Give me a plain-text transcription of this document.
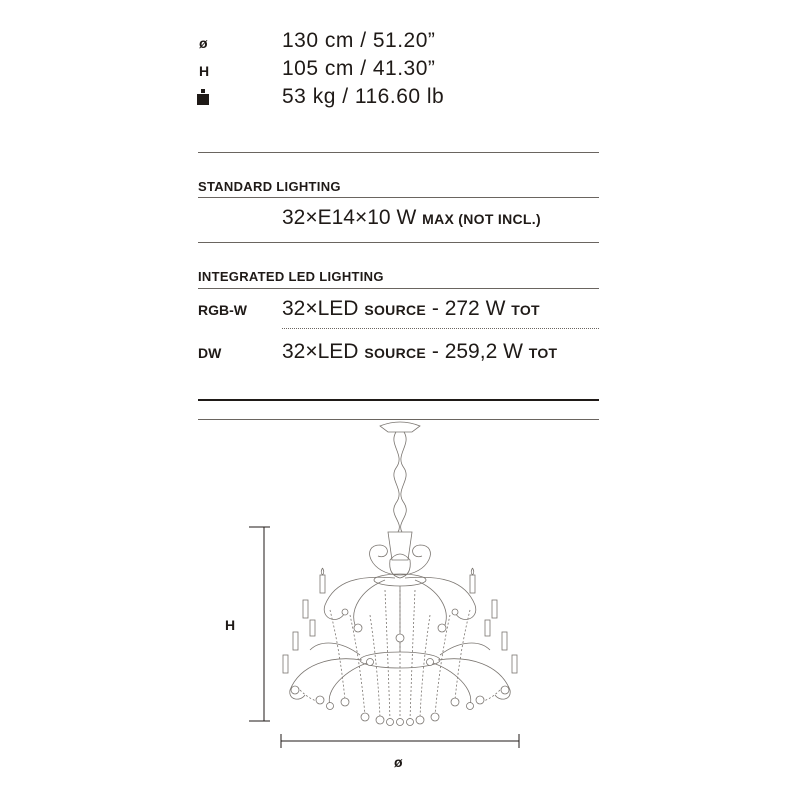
ø	130 cm / 51.20”
H	105 cm / 41.30”
53 kg / 116.60 lb
STANDARD LIGHTING
32×E14×10 W MAX (NOT INCL.)
INTEGRATED LED LIGHTING
RGB-W 32×LED SOURCE - 272 W TOT
DW	32×LED SOURCE - 259,2 W TOT
H
ø
